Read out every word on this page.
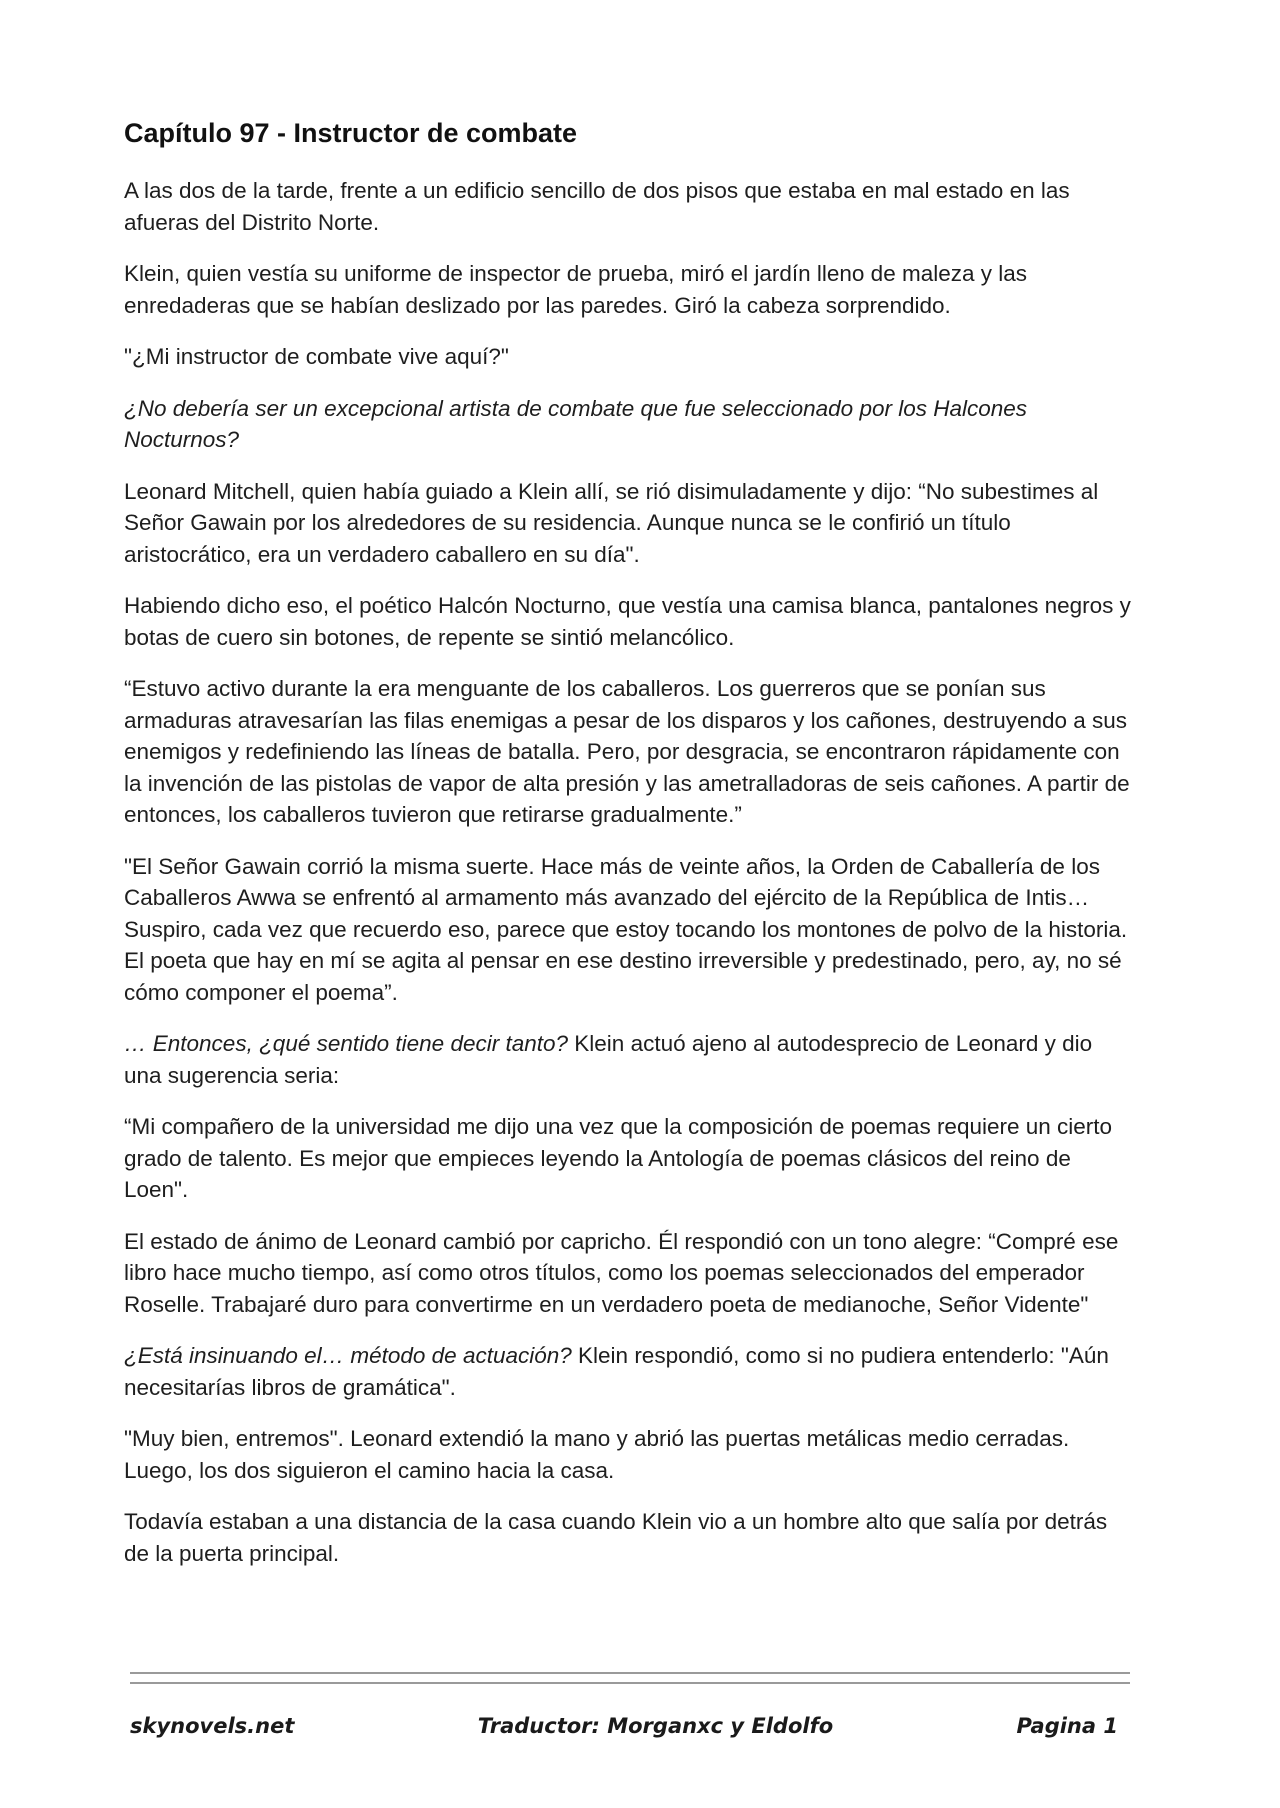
Capítulo 97 - Instructor de combate

A las dos de la tarde, frente a un edificio sencillo de dos pisos que estaba en mal estado en las afueras del Distrito Norte.

Klein, quien vestía su uniforme de inspector de prueba, miró el jardín lleno de maleza y las enredaderas que se habían deslizado por las paredes. Giró la cabeza sorprendido.

"¿Mi instructor de combate vive aquí?"

¿No debería ser un excepcional artista de combate que fue seleccionado por los Halcones Nocturnos?

Leonard Mitchell, quien había guiado a Klein allí, se rió disimuladamente y dijo: “No subestimes al Señor Gawain por los alrededores de su residencia. Aunque nunca se le confirió un título aristocrático, era un verdadero caballero en su día".

Habiendo dicho eso, el poético Halcón Nocturno, que vestía una camisa blanca, pantalones negros y botas de cuero sin botones, de repente se sintió melancólico.

“Estuvo activo durante la era menguante de los caballeros. Los guerreros que se ponían sus armaduras atravesarían las filas enemigas a pesar de los disparos y los cañones, destruyendo a sus enemigos y redefiniendo las líneas de batalla. Pero, por desgracia, se encontraron rápidamente con la invención de las pistolas de vapor de alta presión y las ametralladoras de seis cañones. A partir de entonces, los caballeros tuvieron que retirarse gradualmente.”

"El Señor Gawain corrió la misma suerte. Hace más de veinte años, la Orden de Caballería de los Caballeros Awwa se enfrentó al armamento más avanzado del ejército de la República de Intis… Suspiro, cada vez que recuerdo eso, parece que estoy tocando los montones de polvo de la historia. El poeta que hay en mí se agita al pensar en ese destino irreversible y predestinado, pero, ay, no sé cómo componer el poema”.

… Entonces, ¿qué sentido tiene decir tanto? Klein actuó ajeno al autodesprecio de Leonard y dio una sugerencia seria:

“Mi compañero de la universidad me dijo una vez que la composición de poemas requiere un cierto grado de talento. Es mejor que empieces leyendo la Antología de poemas clásicos del reino de Loen".

El estado de ánimo de Leonard cambió por capricho. Él respondió con un tono alegre: “Compré ese libro hace mucho tiempo, así como otros títulos, como los poemas seleccionados del emperador Roselle. Trabajaré duro para convertirme en un verdadero poeta de medianoche, Señor Vidente"

¿Está insinuando el… método de actuación? Klein respondió, como si no pudiera entenderlo: "Aún necesitarías libros de gramática".

"Muy bien, entremos". Leonard extendió la mano y abrió las puertas metálicas medio cerradas. Luego, los dos siguieron el camino hacia la casa.

Todavía estaban a una distancia de la casa cuando Klein vio a un hombre alto que salía por detrás de la puerta principal.

skynovels.net	Traductor: Morganxc y Eldolfo	Pagina 1
